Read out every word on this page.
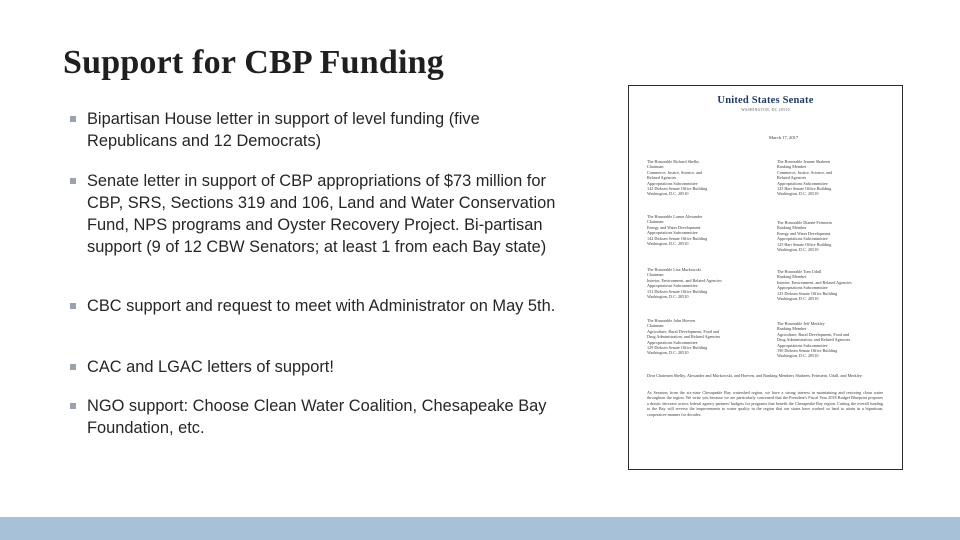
Support for CBP Funding
Bipartisan House letter in support of level funding (five Republicans and 12 Democrats)
Senate letter in support of CBP appropriations of $73 million for CBP, SRS, Sections 319 and 106, Land and Water Conservation Fund, NPS programs and Oyster Recovery Project. Bi-partisan support (9 of 12 CBW Senators; at least 1 from each Bay state)
CBC support and request to meet with Administrator on May 5th.
CAC and LGAC letters of support!
NGO support: Choose Clean Water Coalition, Chesapeake Bay Foundation, etc.
United States Senate
WASHINGTON, DC 20510
March 17, 2017
The Honorable Richard Shelby
Chairman
Commerce, Justice, Science, and
Related Agencies
Appropriations Subcommittee
142 Dirksen Senate Office Building
Washington, D.C. 20510
The Honorable Jeanne Shaheen
Ranking Member
Commerce, Justice, Science, and
Related Agencies
Appropriations Subcommittee
125 Hart Senate Office Building
Washington, D.C. 20510
The Honorable Lamar Alexander
Chairman
Energy and Water Development
Appropriations Subcommittee
142 Dirksen Senate Office Building
Washington, D.C. 20510
The Honorable Dianne Feinstein
Ranking Member
Energy and Water Development
Appropriations Subcommittee
125 Hart Senate Office Building
Washington, D.C. 20510
The Honorable Lisa Murkowski
Chairman
Interior, Environment, and Related Agencies
Appropriations Subcommittee
131 Dirksen Senate Office Building
Washington, D.C. 20510
The Honorable Tom Udall
Ranking Member
Interior, Environment, and Related Agencies
Appropriations Subcommittee
125 Dirksen Senate Office Building
Washington, D.C. 20510
The Honorable John Hoeven
Chairman
Agriculture, Rural Development, Food and
Drug Administration, and Related Agencies
Appropriations Subcommittee
129 Dirksen Senate Office Building
Washington, D.C. 20510
The Honorable Jeff Merkley
Ranking Member
Agriculture, Rural Development, Food and
Drug Administration, and Related Agencies
Appropriations Subcommittee
190 Dirksen Senate Office Building
Washington, D.C. 20510
Dear Chairmen Shelby, Alexander and Murkowski, and Hoeven, and Ranking Members Shaheen, Feinstein, Udall, and Merkley:
As Senators from the six-state Chesapeake Bay watershed region, we have a strong interest in maintaining and restoring clean water throughout the region. We write you because we are particularly concerned that the President's Fiscal Year 2018 Budget Blueprint proposes a drastic decrease across federal agency partners' budgets for programs that benefit the Chesapeake Bay region. Cutting the overall funding to the Bay will reverse the improvements to water quality in the region that our states have worked so hard to attain in a bipartisan, cooperative manner for decades.
